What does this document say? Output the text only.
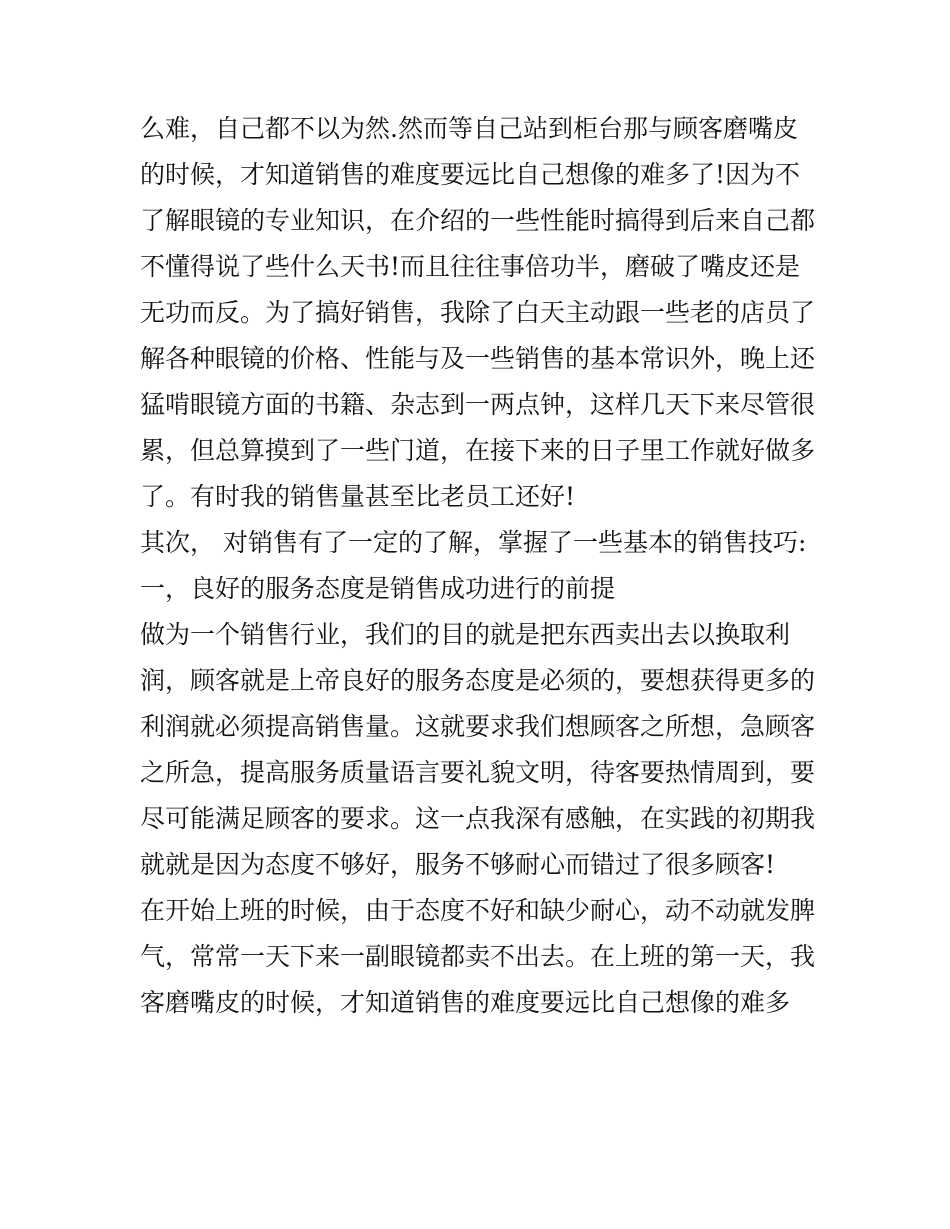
么难，自己都不以为然.然而等自己站到柜台那与顾客磨嘴皮
的时候，才知道销售的难度要远比自己想像的难多了!因为不
了解眼镜的专业知识，在介绍的一些性能时搞得到后来自己都
不懂得说了些什么天书!而且往往事倍功半，磨破了嘴皮还是
无功而反。为了搞好销售，我除了白天主动跟一些老的店员了
解各种眼镜的价格、性能与及一些销售的基本常识外，晚上还
猛啃眼镜方面的书籍、杂志到一两点钟，这样几天下来尽管很
累，但总算摸到了一些门道，在接下来的日子里工作就好做多
了。有时我的销售量甚至比老员工还好!
其次， 对销售有了一定的了解，掌握了一些基本的销售技巧:
一，良好的服务态度是销售成功进行的前提
做为一个销售行业，我们的目的就是把东西卖出去以换取利
润，顾客就是上帝良好的服务态度是必须的，要想获得更多的
利润就必须提高销售量。这就要求我们想顾客之所想，急顾客
之所急，提高服务质量语言要礼貌文明，待客要热情周到，要
尽可能满足顾客的要求。这一点我深有感触，在实践的初期我
就就是因为态度不够好，服务不够耐心而错过了很多顾客!
在开始上班的时候，由于态度不好和缺少耐心，动不动就发脾
气，常常一天下来一副眼镜都卖不出去。在上班的第一天，我
客磨嘴皮的时候，才知道销售的难度要远比自己想像的难多
